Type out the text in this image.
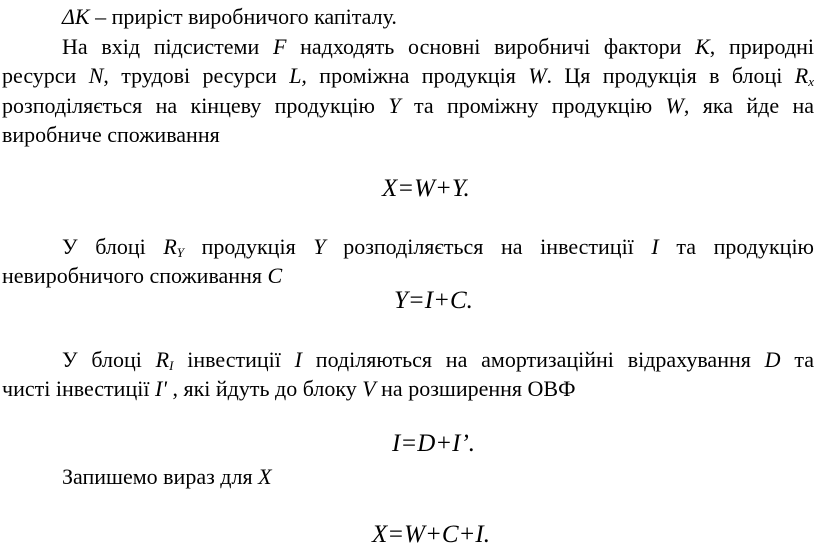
ΔK – приріст виробничого капіталу.
На вхід підсистеми F надходять основні виробничі фактори К, природні
ресурси N, трудові ресурси L, проміжна продукція W. Ця продукція в блоці $R_x$
розподіляється на кінцеву продукцію Y та проміжну продукцію W, яка йде на
виробниче споживання
X=W+Y.
У блоці $R_Y$ продукція Y розподіляється на інвестиції I та продукцію
невиробничого споживання C
Y=I+C.
У блоці $R_I$ інвестиції I поділяються на амортизаційні відрахування D та
чисті інвестиції I' , які йдуть до блоку V на розширення ОВФ
I=D+I’.
Запишемо вираз для X
X=W+C+I.
